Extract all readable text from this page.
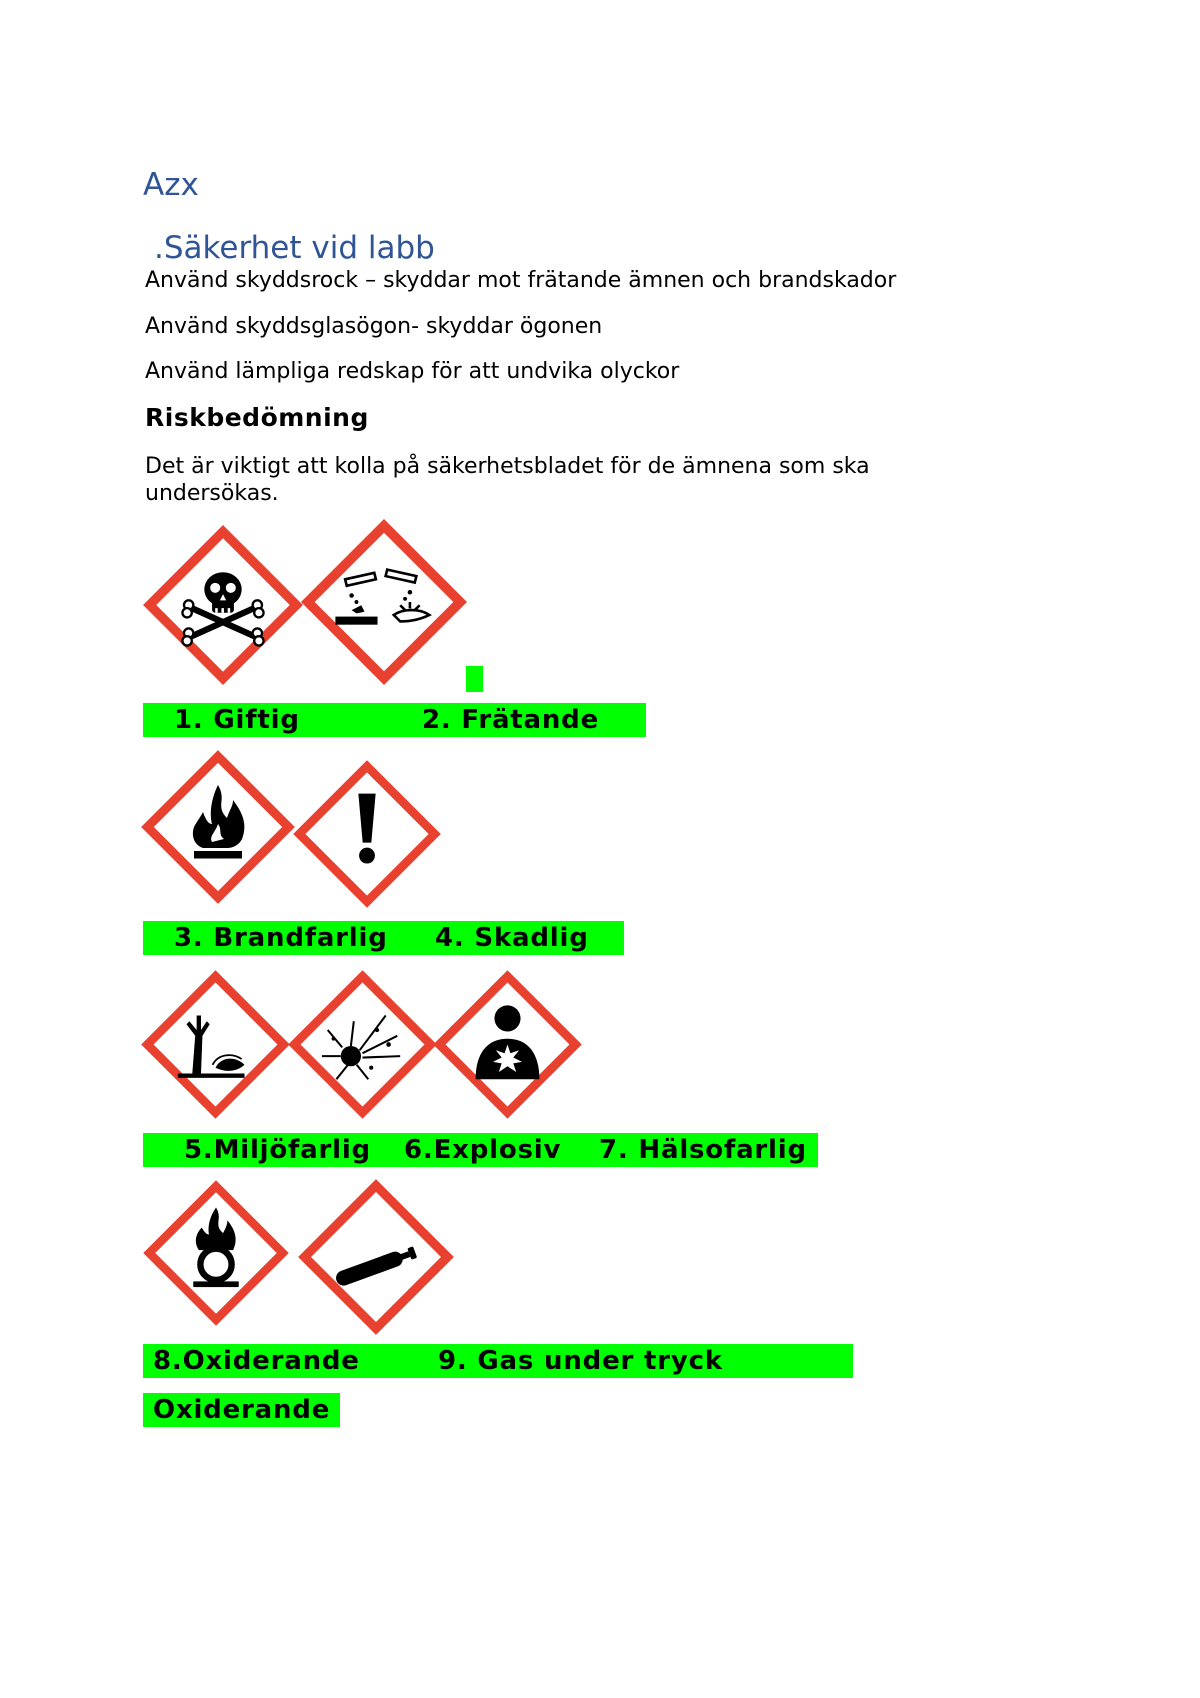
Azx
.Säkerhet vid labb
Använd skyddsrock – skyddar mot frätande ämnen och brandskador
Använd skyddsglasögon- skyddar ögonen
Använd lämpliga redskap för att undvika olyckor
Riskbedömning
Det är viktigt att kolla på säkerhetsbladet för de ämnena som ska
undersökas.
1. Giftig	2. Frätande
3. Brandfarlig 4. Skadlig
5.Miljöfarlig 6.Explosiv 7. Hälsofarlig
8.Oxiderande	9. Gas under tryck
Oxiderande
